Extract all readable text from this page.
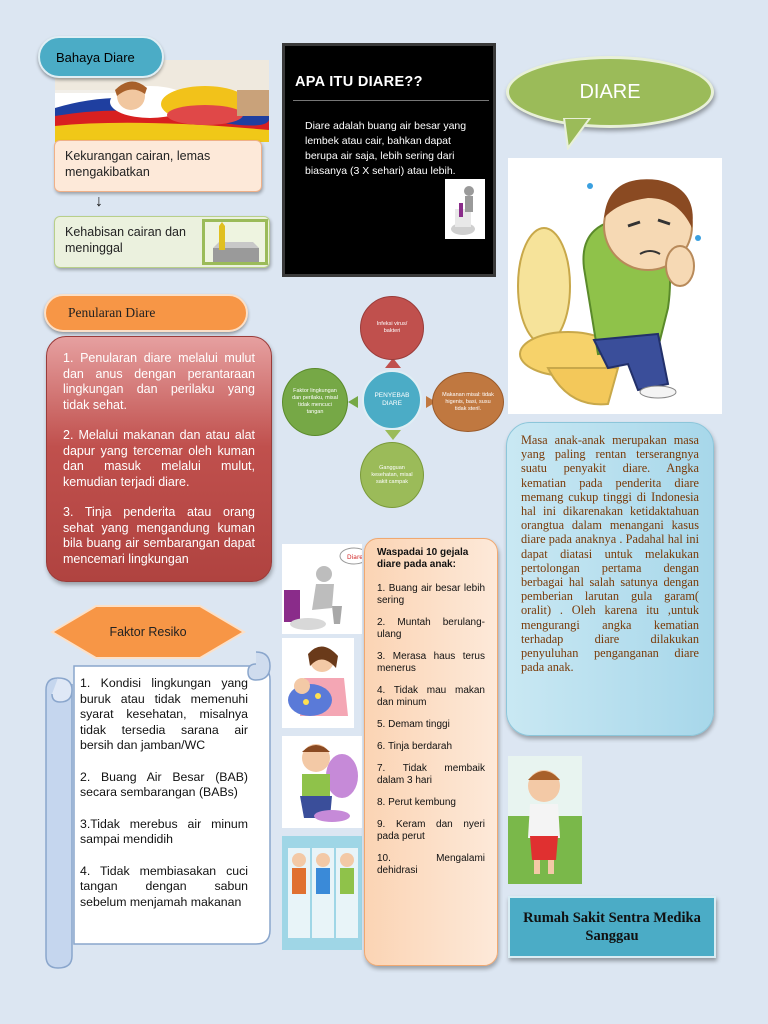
Bahaya Diare
Kekurangan cairan, lemas mengakibatkan
↓
Kehabisan cairan dan meninggal
APA ITU DIARE??
Diare adalah buang air besar yang lembek atau cair, bahkan dapat berupa air saja, lebih sering dari biasanya (3 X sehari) atau lebih.
DIARE
Penularan Diare

1. Penularan diare melalui mulut dan anus dengan perantaraan lingkungan dan perilaku yang tidak sehat.

2. Melalui makanan dan atau alat dapur yang tercemar oleh kuman dan masuk melalui mulut, kemudian terjadi diare.

3. Tinja penderita atau orang sehat yang mengandung kuman bila buang air sembarangan dapat mencemari lingkungan

Infeksi virus/ bakteri
Makanan misal: tidak higenis, basi, susu tidak steril.
Gangguan kesehatan, misal sakit campak
Faktor lingkungan dan perilaku, misal tidak mencuci tangan
PENYEBAB DIARE
Masa anak-anak merupakan masa yang paling rentan terserangnya suatu penyakit diare. Angka kematian pada penderita diare memang cukup tinggi di Indonesia hal ini dikarenakan ketidaktahuan orangtua dalam menangani kasus diare pada anaknya . Padahal hal ini dapat diatasi untuk melakukan pertolongan pertama dengan berbagai hal salah satunya dengan pemberian larutan gula garam( oralit) . Oleh karena itu ,untuk mengurangi angka kematian terhadap diare dilakukan penyuluhan penganganan diare pada anak.
Diare Waspadai 10 gejala diare pada anak:
1. Buang air besar lebih sering
2. Muntah berulang-ulang
3. Merasa haus terus menerus
4. Tidak mau makan dan minum
5. Demam tinggi
6. Tinja berdarah
7. Tidak membaik dalam 3 hari
8. Perut kembung
9. Keram dan nyeri pada perut
10. Mengalami dehidrasi
Faktor Resiko

1. Kondisi lingkungan yang buruk atau tidak memenuhi syarat kesehatan, misalnya tidak tersedia sarana air bersih dan jamban/WC

2. Buang Air Besar (BAB) secara sembarangan (BABs)

3.Tidak merebus air minum sampai mendidih

4. Tidak membiasakan cuci tangan dengan sabun sebelum menjamah makanan

Rumah Sakit Sentra Medika Sanggau
